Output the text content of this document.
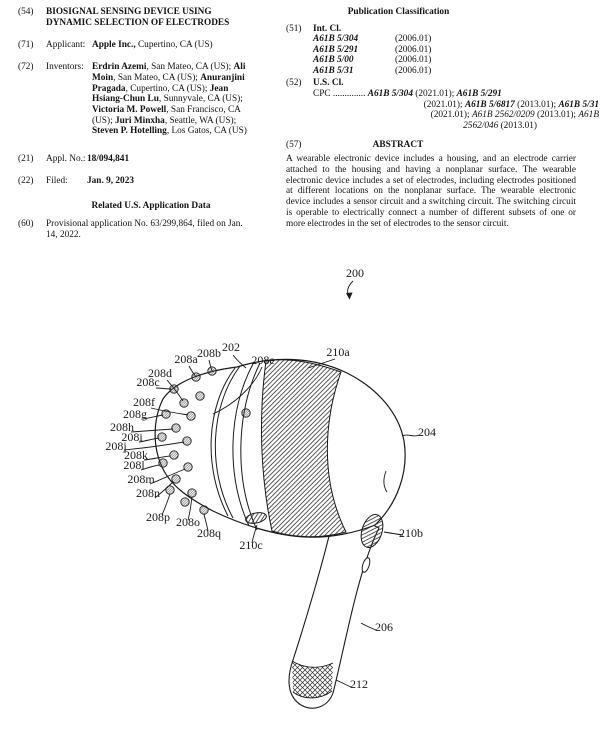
(54)	BIOSIGNAL SENSING DEVICE USING
DYNAMIC SELECTION OF ELECTRODES
(71)	Applicant: Apple Inc., Cupertino, CA (US)
(72)	Inventors: Erdrin Azemi, San Mateo, CA (US); Ali Moin, San Mateo, CA (US); Anuranjini Pragada, Cupertino, CA (US); Jean Hsiang-Chun Lu, Sunnyvale, CA (US); Victoria M. Powell, San Francisco, CA (US); Juri Minxha, Seattle, WA (US); Steven P. Hotelling, Los Gatos, CA (US)
(21)	Appl. No.: 18/094,841
(22)	Filed:	Jan. 9, 2023
Related U.S. Application Data
(60)	Provisional application No. 63/299,864, filed on Jan. 14, 2022.
Publication Classification
(51)	Int. Cl.
A61B 5/304	(2006.01)
A61B 5/291	(2006.01)
A61B 5/00	(2006.01)
A61B 5/31	(2006.01)
(52)	U.S. Cl.
CPC .............. A61B 5/304 (2021.01); A61B 5/291
(2021.01); A61B 5/6817 (2013.01); A61B 5/31
(2021.01); A61B 2562/0209 (2013.01); A61B
2562/046 (2013.01)
(57)	ABSTRACT
A wearable electronic device includes a housing, and an electrode carrier attached to the housing and having a nonplanar surface. The wearable electronic device includes a set of electrodes, including electrodes positioned at different locations on the nonplanar surface. The wearable electronic device includes a sensor circuit and a switching circuit. The switching circuit is operable to electrically connect a number of different subsets of one or more electrodes in the set of electrodes to the sensor circuit.
200
202
208b
208a	208e
208d
208c
208f
208g
208h
208i
208j
208k
208l
208m
208n
208p 208o
208q
210c
210a
204
210b
206
212
